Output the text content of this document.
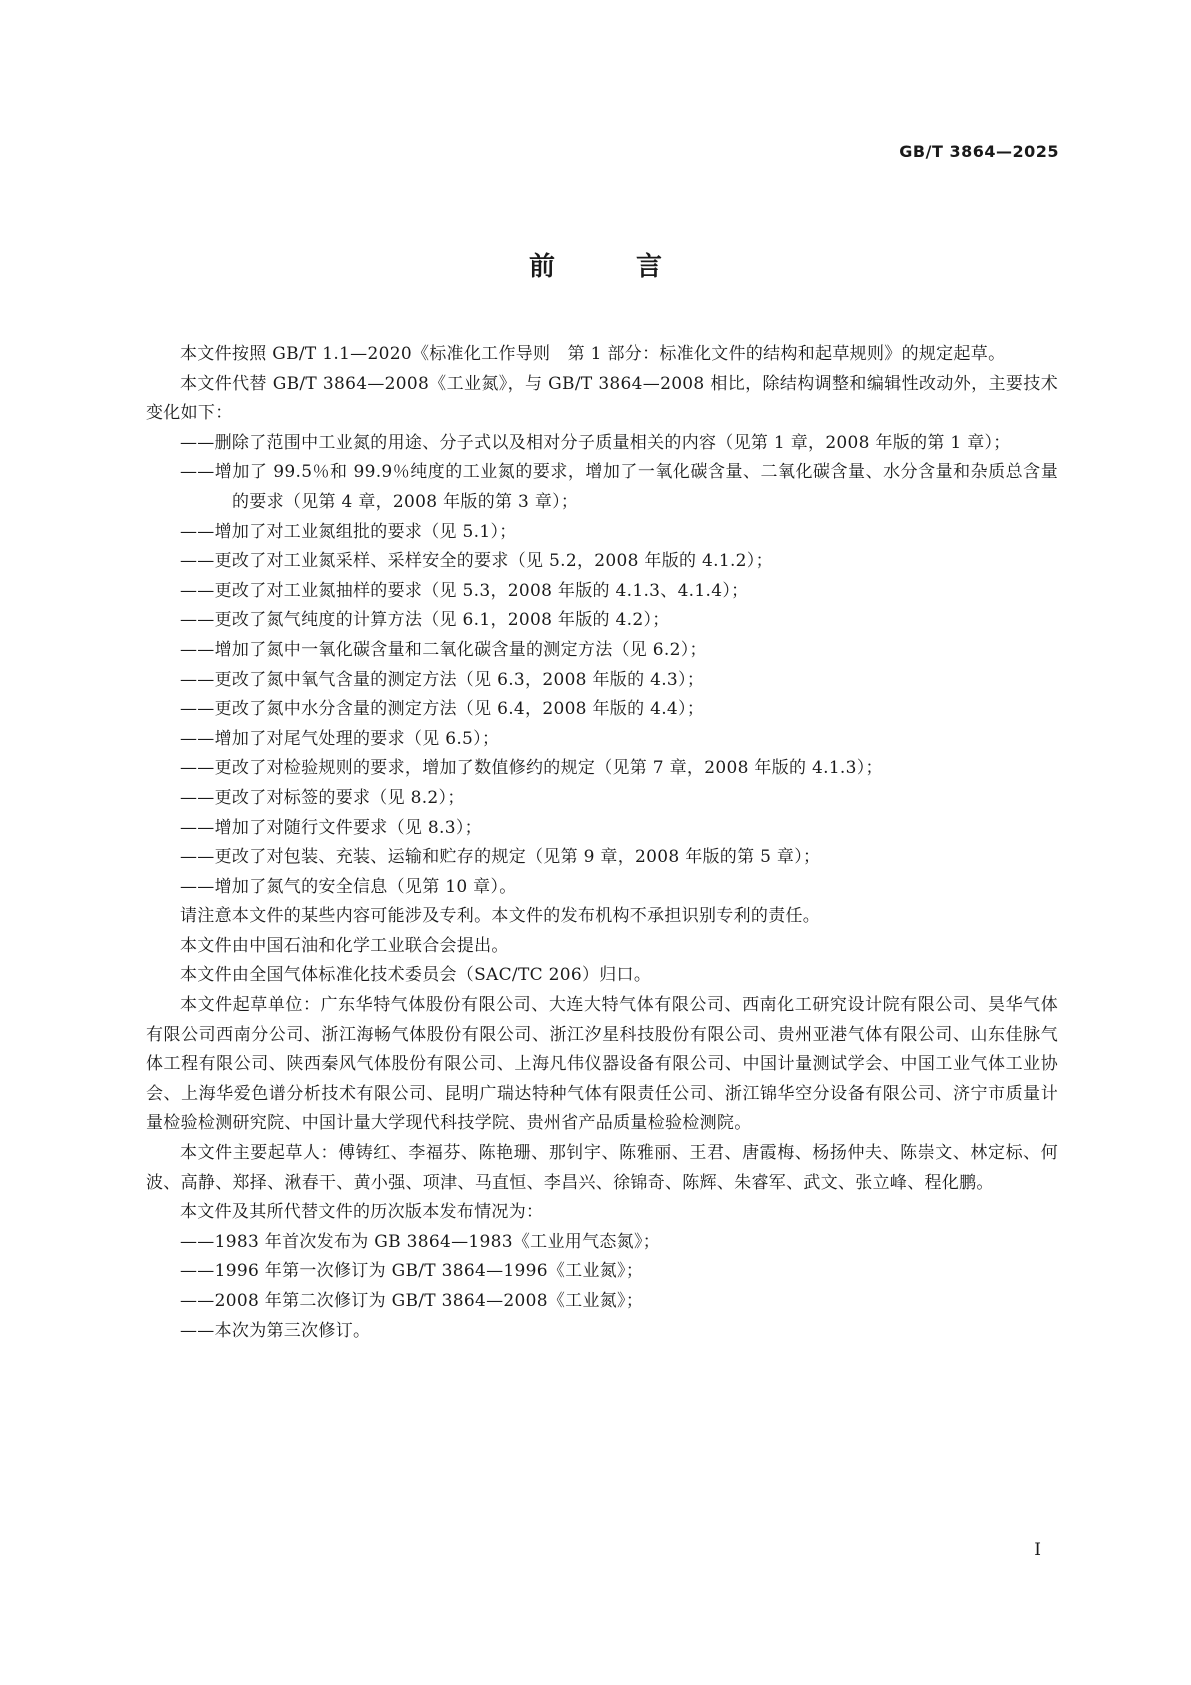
GB/T 3864—2025
前 言

本文件按照 GB/T 1.1—2020《标准化工作导则　第 1 部分：标准化文件的结构和起草规则》的规定起草。

本文件代替 GB/T 3864—2008《工业氮》，与 GB/T 3864—2008 相比，除结构调整和编辑性改动外，主要技术变化如下：

——删除了范围中工业氮的用途、分子式以及相对分子质量相关的内容（见第 1 章，2008 年版的第 1 章）；

——增加了 99.5％和 99.9％纯度的工业氮的要求，增加了一氧化碳含量、二氧化碳含量、水分含量和杂质总含量的要求（见第 4 章，2008 年版的第 3 章）；

——增加了对工业氮组批的要求（见 5.1）；

——更改了对工业氮采样、采样安全的要求（见 5.2，2008 年版的 4.1.2）；

——更改了对工业氮抽样的要求（见 5.3，2008 年版的 4.1.3、4.1.4）；

——更改了氮气纯度的计算方法（见 6.1，2008 年版的 4.2）；

——增加了氮中一氧化碳含量和二氧化碳含量的测定方法（见 6.2）；

——更改了氮中氧气含量的测定方法（见 6.3，2008 年版的 4.3）；

——更改了氮中水分含量的测定方法（见 6.4，2008 年版的 4.4）；

——增加了对尾气处理的要求（见 6.5）；

——更改了对检验规则的要求，增加了数值修约的规定（见第 7 章，2008 年版的 4.1.3）；

——更改了对标签的要求（见 8.2）；

——增加了对随行文件要求（见 8.3）；

——更改了对包装、充装、运输和贮存的规定（见第 9 章，2008 年版的第 5 章）；

——增加了氮气的安全信息（见第 10 章）。

请注意本文件的某些内容可能涉及专利。本文件的发布机构不承担识别专利的责任。

本文件由中国石油和化学工业联合会提出。

本文件由全国气体标准化技术委员会（SAC/TC 206）归口。

本文件起草单位：广东华特气体股份有限公司、大连大特气体有限公司、西南化工研究设计院有限公司、昊华气体有限公司西南分公司、浙江海畅气体股份有限公司、浙江汐星科技股份有限公司、贵州亚港气体有限公司、山东佳脉气体工程有限公司、陕西秦风气体股份有限公司、上海凡伟仪器设备有限公司、中国计量测试学会、中国工业气体工业协会、上海华爱色谱分析技术有限公司、昆明广瑞达特种气体有限责任公司、浙江锦华空分设备有限公司、济宁市质量计量检验检测研究院、中国计量大学现代科技学院、贵州省产品质量检验检测院。

本文件主要起草人：傅铸红、李福芬、陈艳珊、那钊宇、陈雅丽、王君、唐霞梅、杨扬仲夫、陈崇文、林定标、何波、高静、郑择、湫春干、黄小强、项津、马直恒、李昌兴、徐锦奇、陈辉、朱睿军、武文、张立峰、程化鹏。

本文件及其所代替文件的历次版本发布情况为：

——1983 年首次发布为 GB 3864—1983《工业用气态氮》；

——1996 年第一次修订为 GB/T 3864—1996《工业氮》；

——2008 年第二次修订为 GB/T 3864—2008《工业氮》；

——本次为第三次修订。

I
